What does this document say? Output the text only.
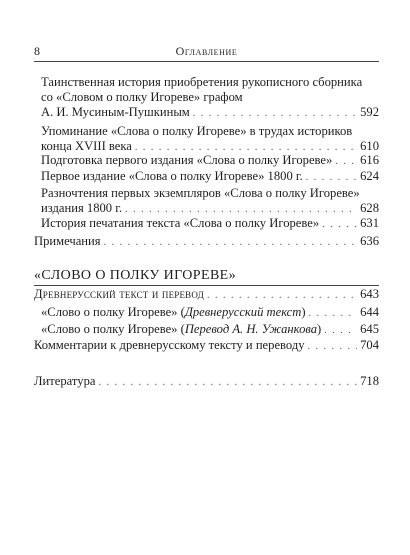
8	Оглавление
Таинственная история приобретения рукописного сборника
со «Словом о полку Игореве» графом
А. И. Мусиным-Пушкиным . . .	592
Упоминание «Слова о полку Игореве» в трудах историков
конца XVIII века . . .	610
Подготовка первого издания «Слова о полку Игореве» . . . 616
Первое издание «Слова о полку Игореве» 1800 г. . . .	624
Разночтения первых экземпляров «Слова о полку Игореве»
издания 1800 г. . . .	628
История печатания текста «Слова о полку Игореве» . . .	631
Примечания . . .	636
«СЛОВО О ПОЛКУ ИГОРЕВЕ»
Древнерусский текст и перевод . . .	643
«Слово о полку Игореве» (Древнерусский текст) . . .	644
«Слово о полку Игореве» (Перевод А. Н. Ужанкова) . . .	645
Комментарии к древнерусскому тексту и переводу . . .	704
Литература . . .	718
